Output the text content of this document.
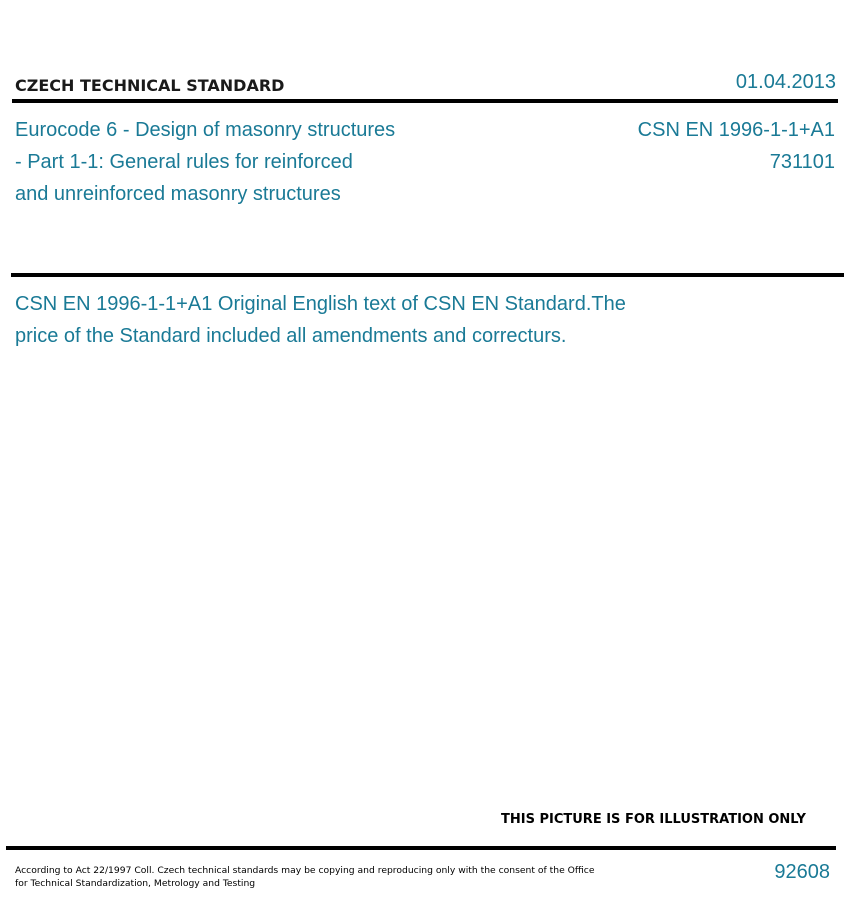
CZECH TECHNICAL STANDARD	01.04.2013
Eurocode 6 - Design of masonry structures
- Part 1-1: General rules for reinforced
and unreinforced masonry structures
CSN EN 1996-1-1+A1
731101
CSN EN 1996-1-1+A1 Original English text of CSN EN Standard.The
price of the Standard included all amendments and correcturs.
THIS PICTURE IS FOR ILLUSTRATION ONLY
According to Act 22/1997 Coll. Czech technical standards may be copying and reproducing only with the consent of the Office
for Technical Standardization, Metrology and Testing
92608
